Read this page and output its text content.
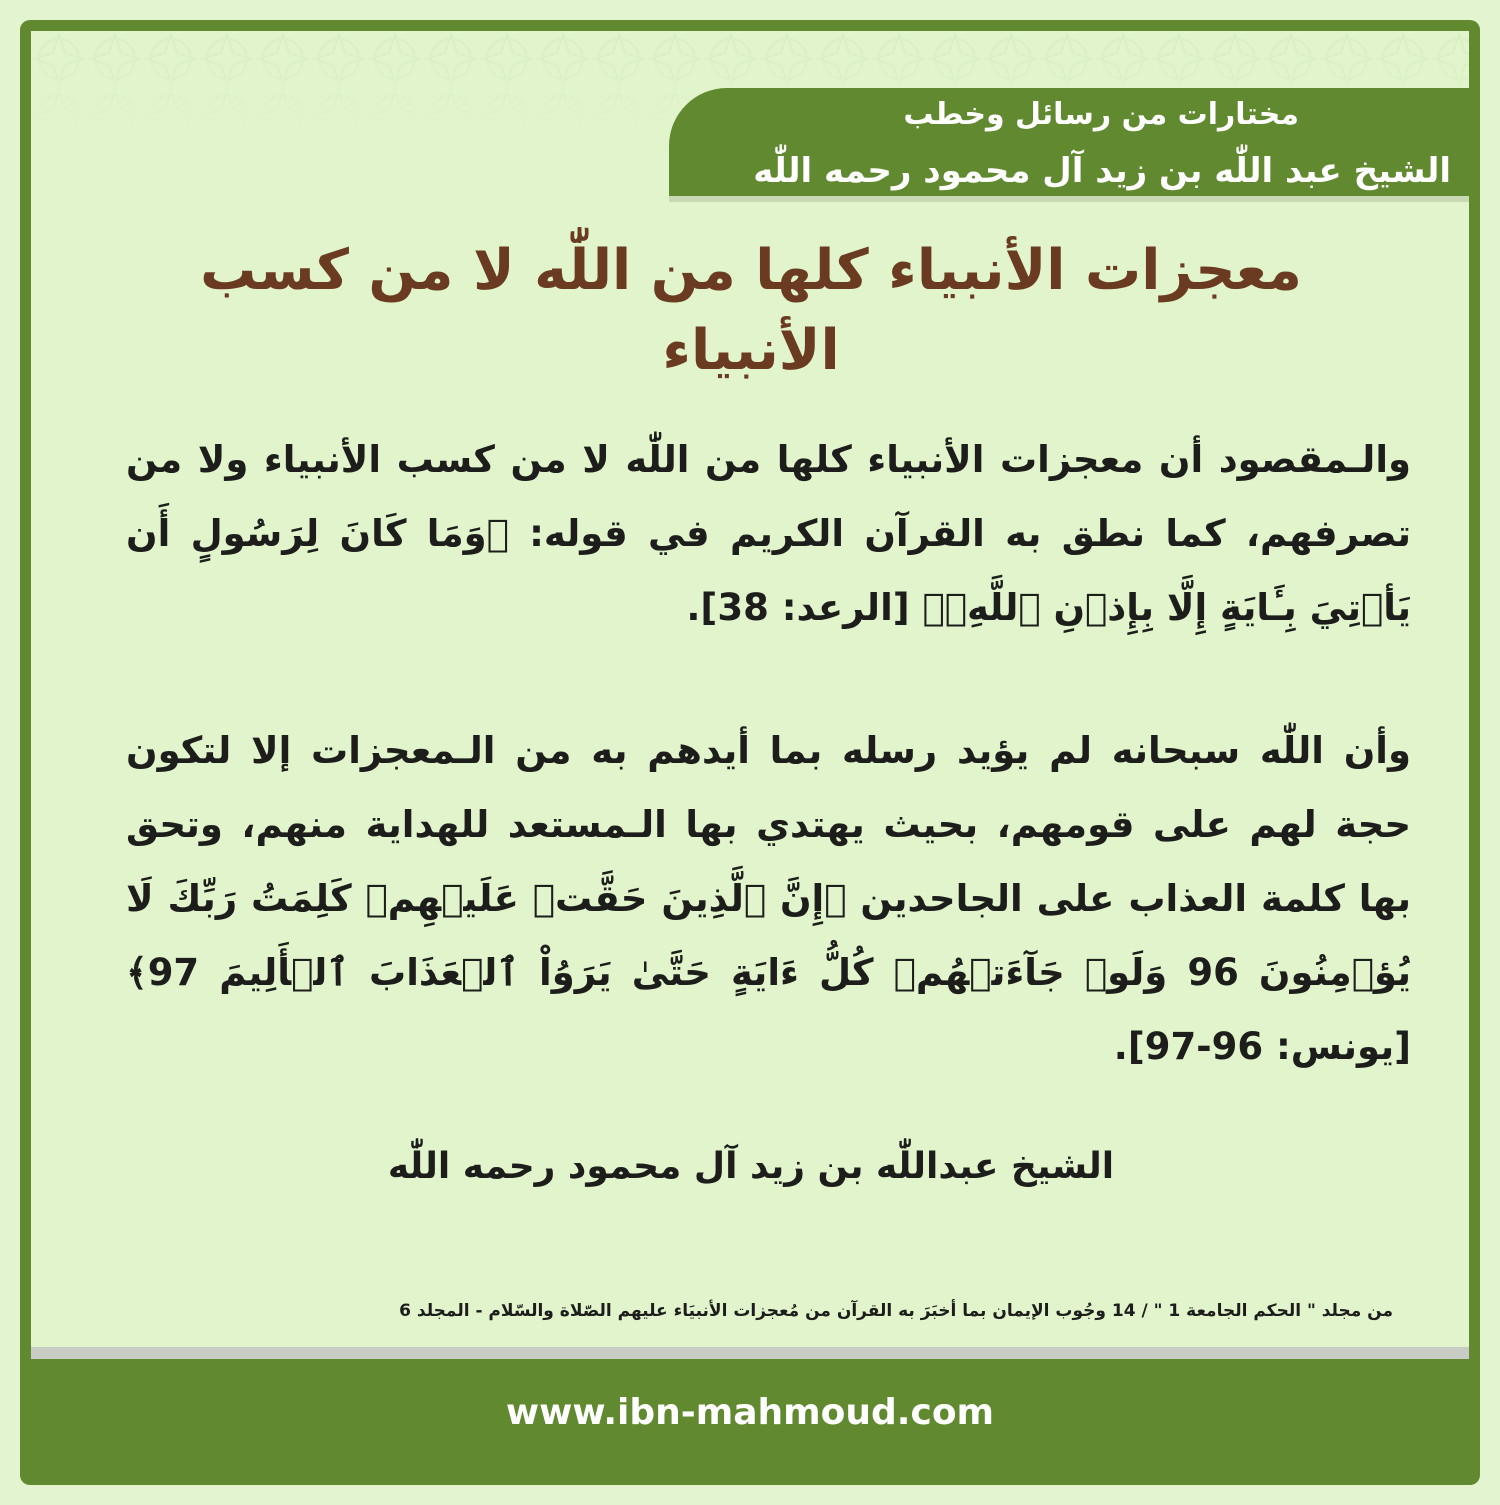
مختارات من رسائل وخطب
الشيخ عبد اللّٰه بن زيد آل محمود رحمه اللّٰه
معجزات الأنبياء كلها من اللّٰه لا من كسب الأنبياء
والـمقصود أن معجزات الأنبياء كلها من اللّٰه لا من كسب الأنبياء ولا من تصرفهم، كما نطق به القرآن الكريم في قوله: ﴿وَمَا كَانَ لِرَسُولٍ أَن يَأۡتِيَ بِـَٔايَةٍ إِلَّا بِإِذۡنِ ٱللَّهِۗ﴾ [الرعد: 38].
وأن اللّٰه سبحانه لم يؤيد رسله بما أيدهم به من الـمعجزات إلا لتكون حجة لهم على قومهم، بحيث يهتدي بها الـمستعد للهداية منهم، وتحق بها كلمة العذاب على الجاحدين ﴿إِنَّ ٱلَّذِينَ حَقَّتۡ عَلَيۡهِمۡ كَلِمَتُ رَبِّكَ لَا يُؤۡمِنُونَ 96 وَلَوۡ جَآءَتۡهُمۡ كُلُّ ءَايَةٍ حَتَّىٰ يَرَوُاْ ٱلۡعَذَابَ ٱلۡأَلِيمَ 97﴾ [يونس: 96-97].
الشيخ عبداللّٰه بن زيد آل محمود رحمه اللّٰه
من مجلد " الحكم الجامعة 1 " / 14 وجُوب الإيمان بما أخبَرَ به القرآن من مُعجزات الأنبيَاء عليهم الصّلاة والسّلام - المجلد 6
www.ibn-mahmoud.com
